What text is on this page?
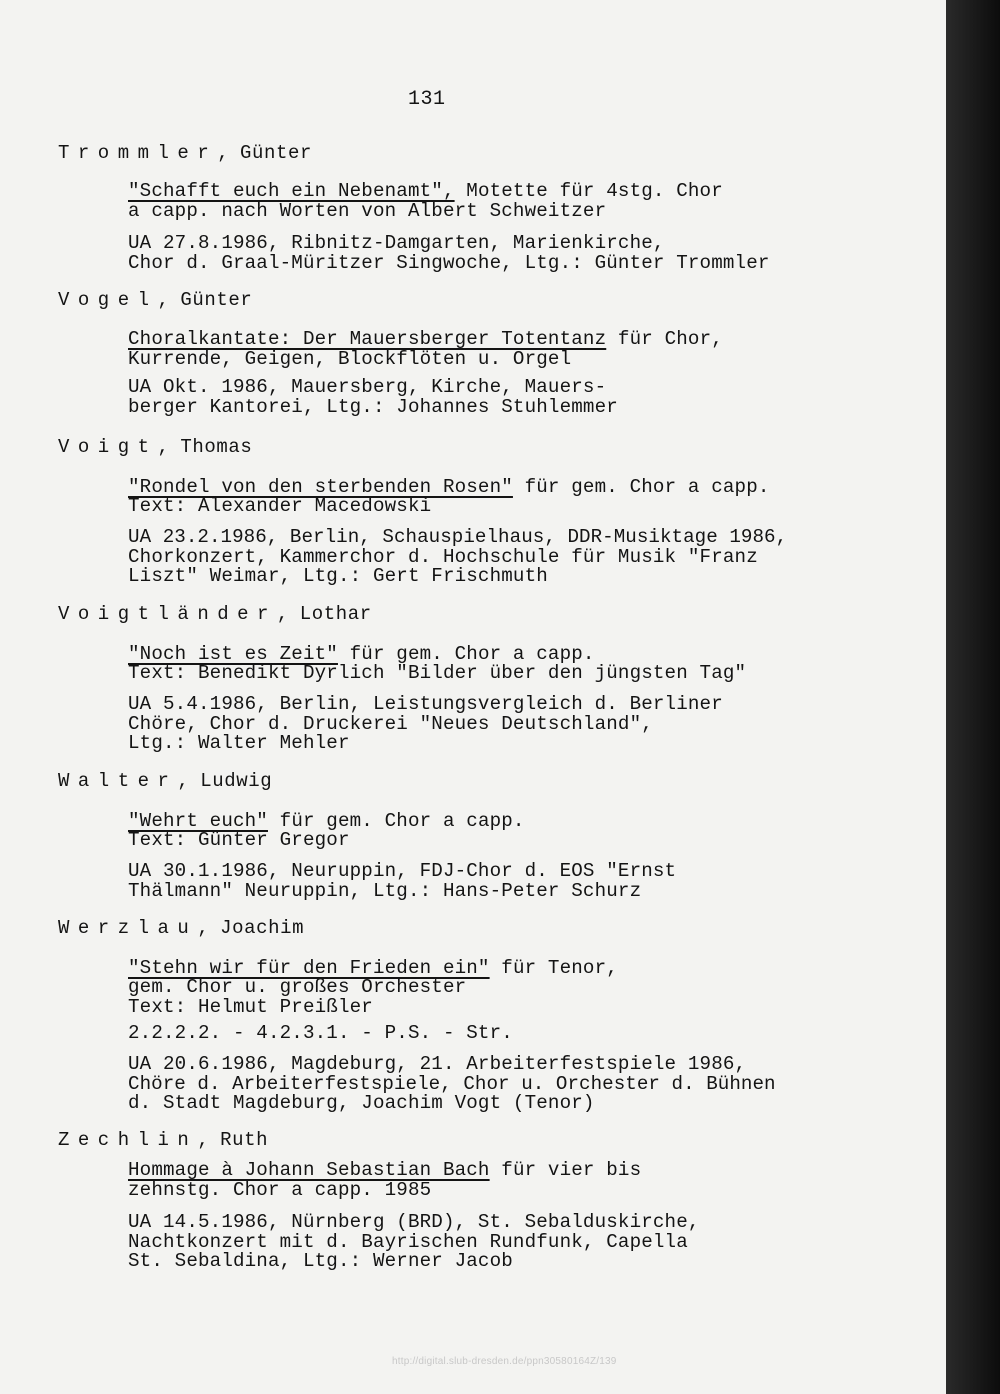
131
Trommler, Günter
"Schafft euch ein Nebenamt", Motette für 4stg. Chor
a capp. nach Worten von Albert Schweitzer
UA 27.8.1986, Ribnitz-Damgarten, Marienkirche,
Chor d. Graal-Müritzer Singwoche, Ltg.: Günter Trommler
Vogel, Günter
Choralkantate: Der Mauersberger Totentanz für Chor,
Kurrende, Geigen, Blockflöten u. Orgel
UA Okt. 1986, Mauersberg, Kirche, Mauers-
berger Kantorei, Ltg.: Johannes Stuhlemmer
Voigt, Thomas
"Rondel von den sterbenden Rosen" für gem. Chor a capp.
Text: Alexander Macedowski
UA 23.2.1986, Berlin, Schauspielhaus, DDR-Musiktage 1986,
Chorkonzert, Kammerchor d. Hochschule für Musik "Franz
Liszt" Weimar, Ltg.: Gert Frischmuth
Voigtländer, Lothar
"Noch ist es Zeit" für gem. Chor a capp.
Text: Benedikt Dyrlich "Bilder über den jüngsten Tag"
UA 5.4.1986, Berlin, Leistungsvergleich d. Berliner
Chöre, Chor d. Druckerei "Neues Deutschland",
Ltg.: Walter Mehler
Walter, Ludwig
"Wehrt euch" für gem. Chor a capp.
Text: Günter Gregor
UA 30.1.1986, Neuruppin, FDJ-Chor d. EOS "Ernst
Thälmann" Neuruppin, Ltg.: Hans-Peter Schurz
Werzlau, Joachim
"Stehn wir für den Frieden ein" für Tenor,
gem. Chor u. großes Orchester
Text: Helmut Preißler
2.2.2.2. - 4.2.3.1. - P.S. - Str.
UA 20.6.1986, Magdeburg, 21. Arbeiterfestspiele 1986,
Chöre d. Arbeiterfestspiele, Chor u. Orchester d. Bühnen
d. Stadt Magdeburg, Joachim Vogt (Tenor)
Zechlin, Ruth
Hommage à Johann Sebastian Bach für vier bis
zehnstg. Chor a capp. 1985
UA 14.5.1986, Nürnberg (BRD), St. Sebalduskirche,
Nachtkonzert mit d. Bayrischen Rundfunk, Capella
St. Sebaldina, Ltg.: Werner Jacob
http://digital.slub-dresden.de/ppn30580164Z/139
